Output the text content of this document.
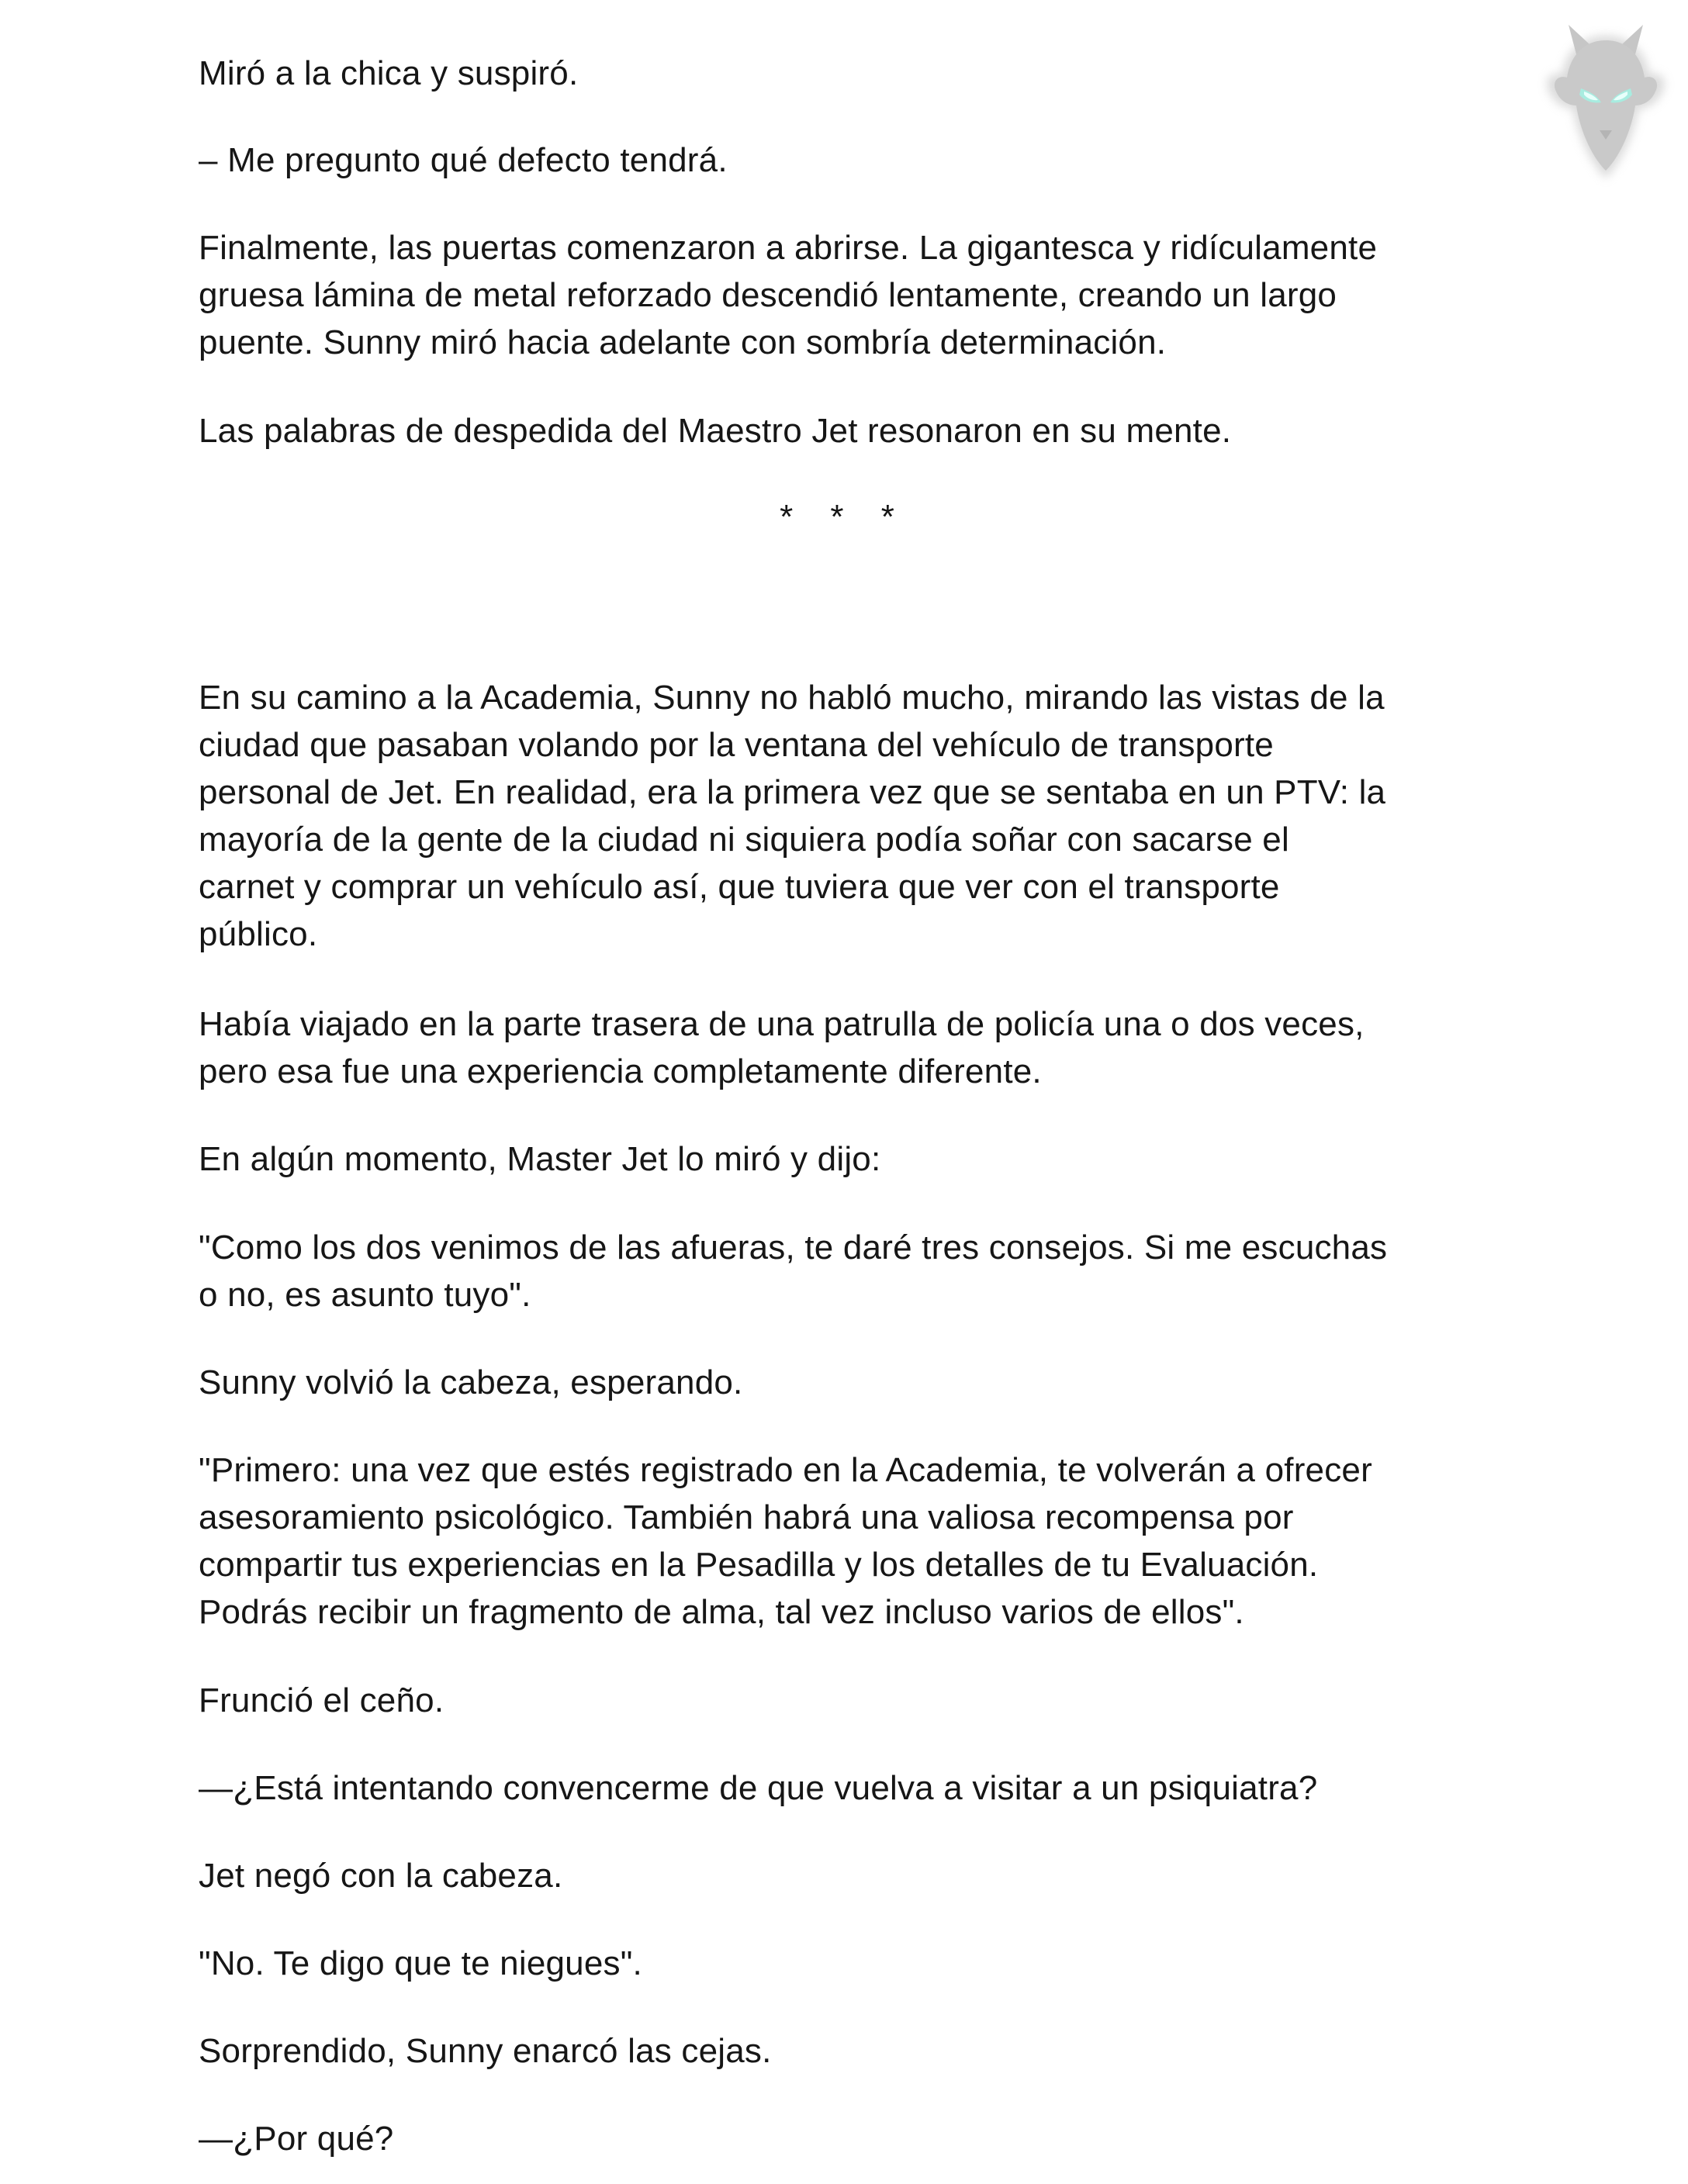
Miró a la chica y suspiró.

– Me pregunto qué defecto tendrá.

Finalmente, las puertas comenzaron a abrirse. La gigantesca y ridículamente
gruesa lámina de metal reforzado descendió lentamente, creando un largo
puente. Sunny miró hacia adelante con sombría determinación.

Las palabras de despedida del Maestro Jet resonaron en su mente.

* * *

En su camino a la Academia, Sunny no habló mucho, mirando las vistas de la
ciudad que pasaban volando por la ventana del vehículo de transporte
personal de Jet. En realidad, era la primera vez que se sentaba en un PTV: la
mayoría de la gente de la ciudad ni siquiera podía soñar con sacarse el
carnet y comprar un vehículo así, que tuviera que ver con el transporte
público.

Había viajado en la parte trasera de una patrulla de policía una o dos veces,
pero esa fue una experiencia completamente diferente.

En algún momento, Master Jet lo miró y dijo:

"Como los dos venimos de las afueras, te daré tres consejos. Si me escuchas
o no, es asunto tuyo".

Sunny volvió la cabeza, esperando.

"Primero: una vez que estés registrado en la Academia, te volverán a ofrecer
asesoramiento psicológico. También habrá una valiosa recompensa por
compartir tus experiencias en la Pesadilla y los detalles de tu Evaluación.
Podrás recibir un fragmento de alma, tal vez incluso varios de ellos".

Frunció el ceño.

—¿Está intentando convencerme de que vuelva a visitar a un psiquiatra?

Jet negó con la cabeza.

"No. Te digo que te niegues".

Sorprendido, Sunny enarcó las cejas.

—¿Por qué?
